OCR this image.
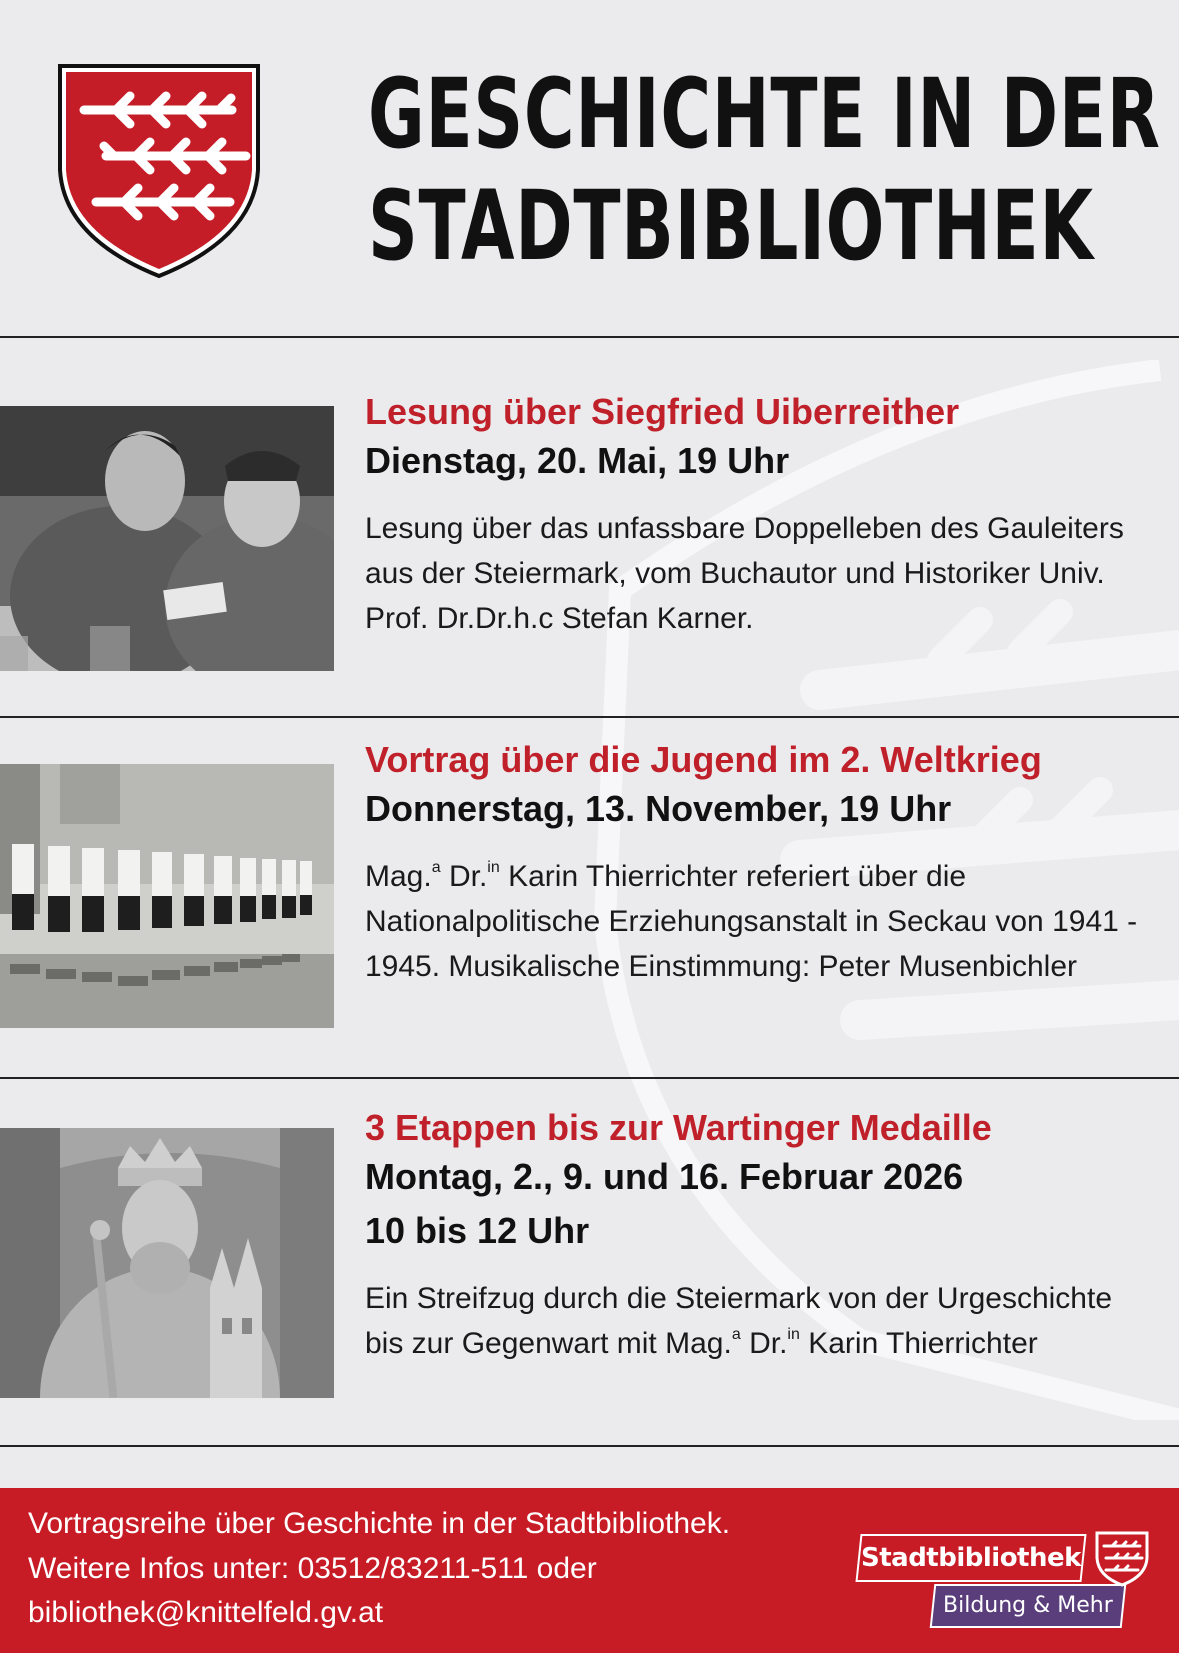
GESCHICHTE IN DER
STADTBIBLIOTHEK
Lesung über Siegfried Uiberreither

Dienstag, 20. Mai, 19 Uhr

Lesung über das unfassbare Doppelleben des Gauleiters aus der Steiermark, vom Buchautor und Historiker Univ. Prof. Dr.Dr.h.c Stefan Karner.

Vortrag über die Jugend im 2. Weltkrieg

Donnerstag, 13. November, 19 Uhr

Mag.$^a$ Dr.$^{in}$ Karin Thierrichter referiert über die Nationalpolitische Erziehungsanstalt in Seckau von 1941 - 1945. Musikalische Einstimmung: Peter Musenbichler

3 Etappen bis zur Wartinger Medaille

Montag, 2., 9. und 16. Februar 2026

10 bis 12 Uhr

Ein Streifzug durch die Steiermark von der Urgeschichte bis zur Gegenwart mit Mag.$^a$ Dr.$^{in}$ Karin Thierrichter

Vortragsreihe über Geschichte in der Stadtbibliothek.
Weitere Infos unter: 03512/83211-511 oder
bibliothek@knittelfeld.gv.at
Stadtbibliothek
Bildung & Mehr
